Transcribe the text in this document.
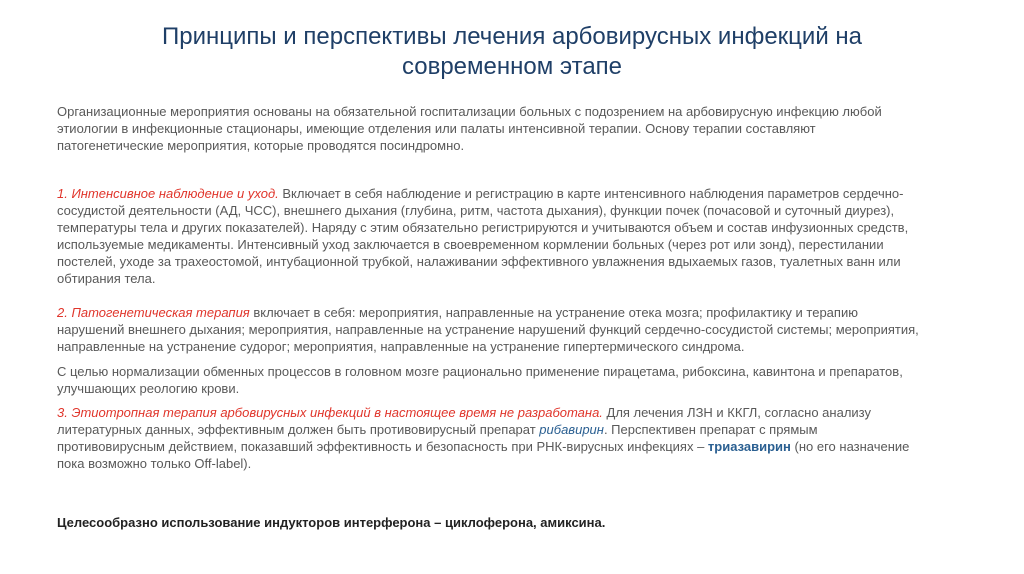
Принципы и перспективы лечения арбовирусных инфекций на
современном этапе
Организационные мероприятия основаны на обязательной госпитализации больных с подозрением на арбовирусную инфекцию любой
этиологии в инфекционные стационары, имеющие отделения или палаты интенсивной терапии. Основу терапии составляют
патогенетические мероприятия, которые проводятся посиндромно.
1. Интенсивное наблюдение и уход. Включает в себя наблюдение и регистрацию в карте интенсивного наблюдения параметров сердечно-
сосудистой деятельности (АД, ЧСС), внешнего дыхания (глубина, ритм, частота дыхания), функции почек (почасовой и суточный диурез),
температуры тела и других показателей). Наряду с этим обязательно регистрируются и учитываются объем и состав инфузионных средств,
используемые медикаменты. Интенсивный уход заключается в своевременном кормлении больных (через рот или зонд), перестилании
постелей, уходе за трахеостомой, интубационной трубкой, налаживании эффективного увлажнения вдыхаемых газов, туалетных ванн или
обтирания тела.
2. Патогенетическая терапия включает в себя: мероприятия, направленные на устранение отека мозга; профилактику и терапию
нарушений внешнего дыхания; мероприятия, направленные на устранение нарушений функций сердечно-сосудистой системы; мероприятия,
направленные на устранение судорог; мероприятия, направленные на устранение гипертермического синдрома.
С целью нормализации обменных процессов в головном мозге рационально применение пирацетама, рибоксина, кавинтона и препаратов,
улучшающих реологию крови.
3. Этиотропная терапия арбовирусных инфекций в настоящее время не разработана. Для лечения ЛЗН и ККГЛ, согласно анализу
литературных данных, эффективным должен быть противовирусный препарат рибавирин. Перспективен препарат с прямым
противовирусным действием, показавший эффективность и безопасность при РНК-вирусных инфекциях – триазавирин (но его назначение
пока возможно только Off-label).
Целесообразно использование индукторов интерферона – циклоферона, амиксина.
